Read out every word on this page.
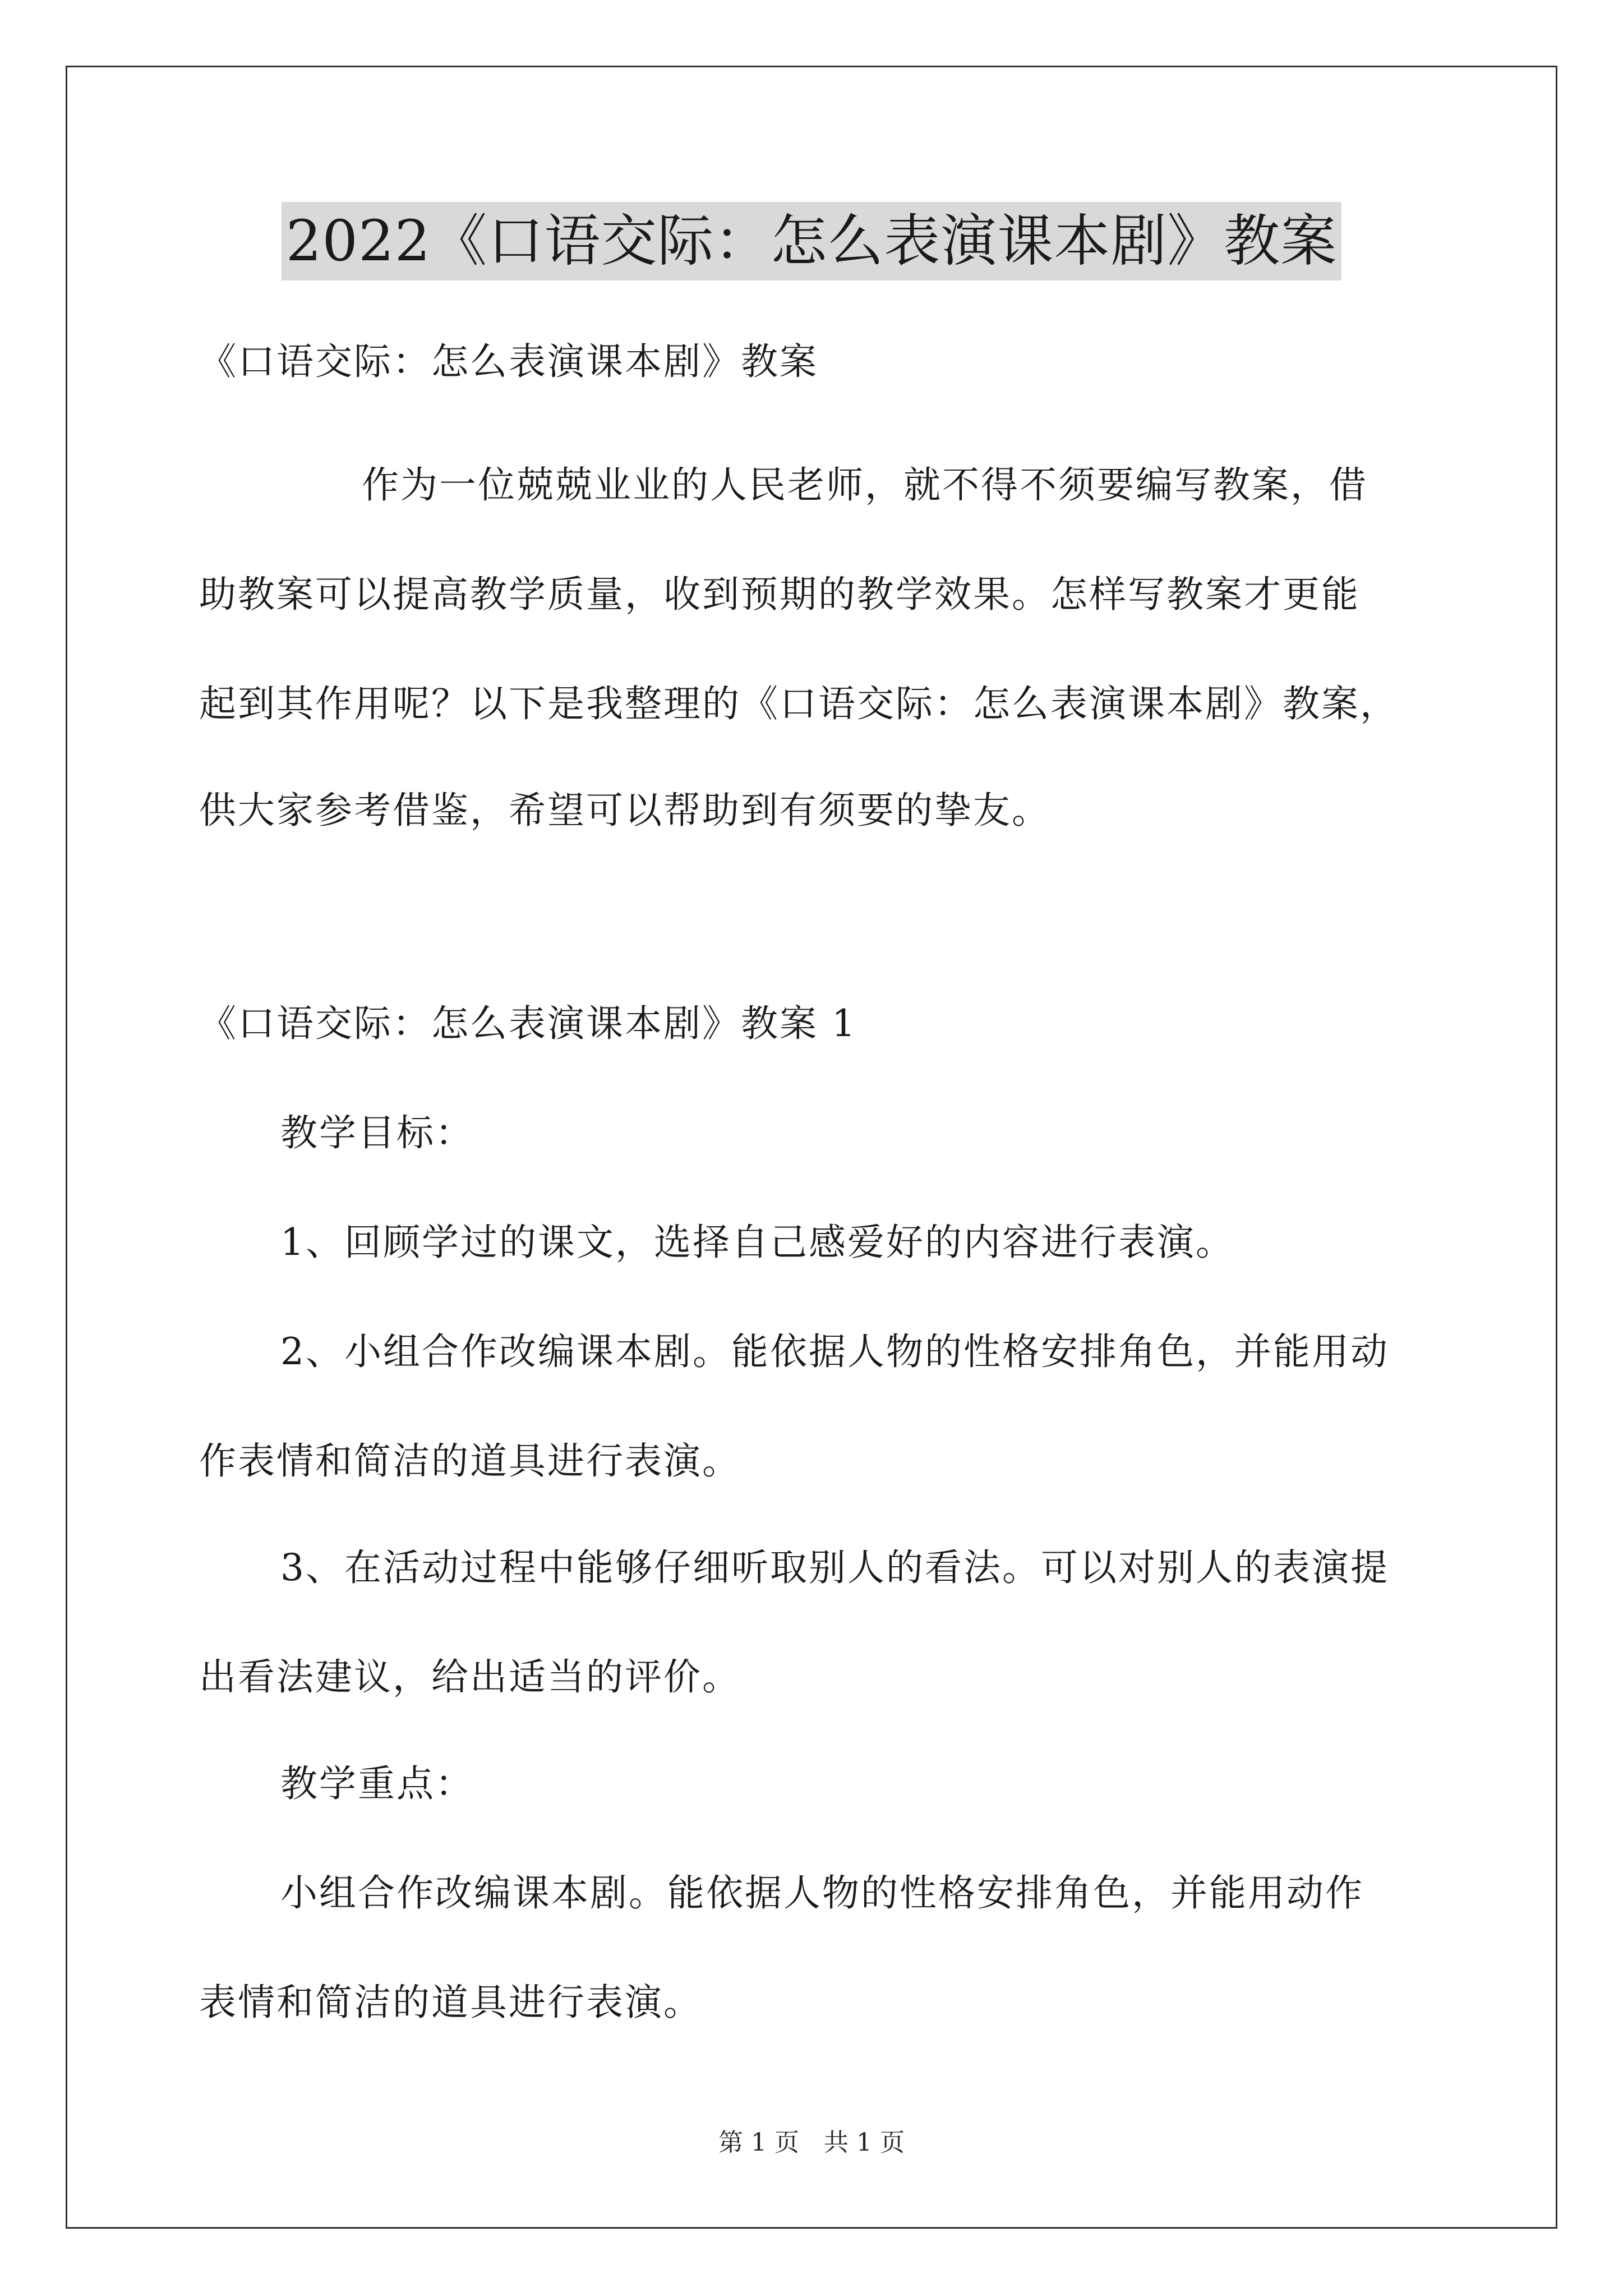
2022《口语交际：怎么表演课本剧》教案
《口语交际：怎么表演课本剧》教案
作为一位兢兢业业的人民老师，就不得不须要编写教案，借
助教案可以提高教学质量，收到预期的教学效果。怎样写教案才更能
起到其作用呢？以下是我整理的《口语交际：怎么表演课本剧》教案，
供大家参考借鉴，希望可以帮助到有须要的挚友。
《口语交际：怎么表演课本剧》教案 1
教学目标：
1、回顾学过的课文，选择自己感爱好的内容进行表演。
2、小组合作改编课本剧。能依据人物的性格安排角色，并能用动
作表情和简洁的道具进行表演。
3、在活动过程中能够仔细听取别人的看法。可以对别人的表演提
出看法建议，给出适当的评价。
教学重点：
小组合作改编课本剧。能依据人物的性格安排角色，并能用动作
表情和简洁的道具进行表演。
第 1 页　共 1 页
